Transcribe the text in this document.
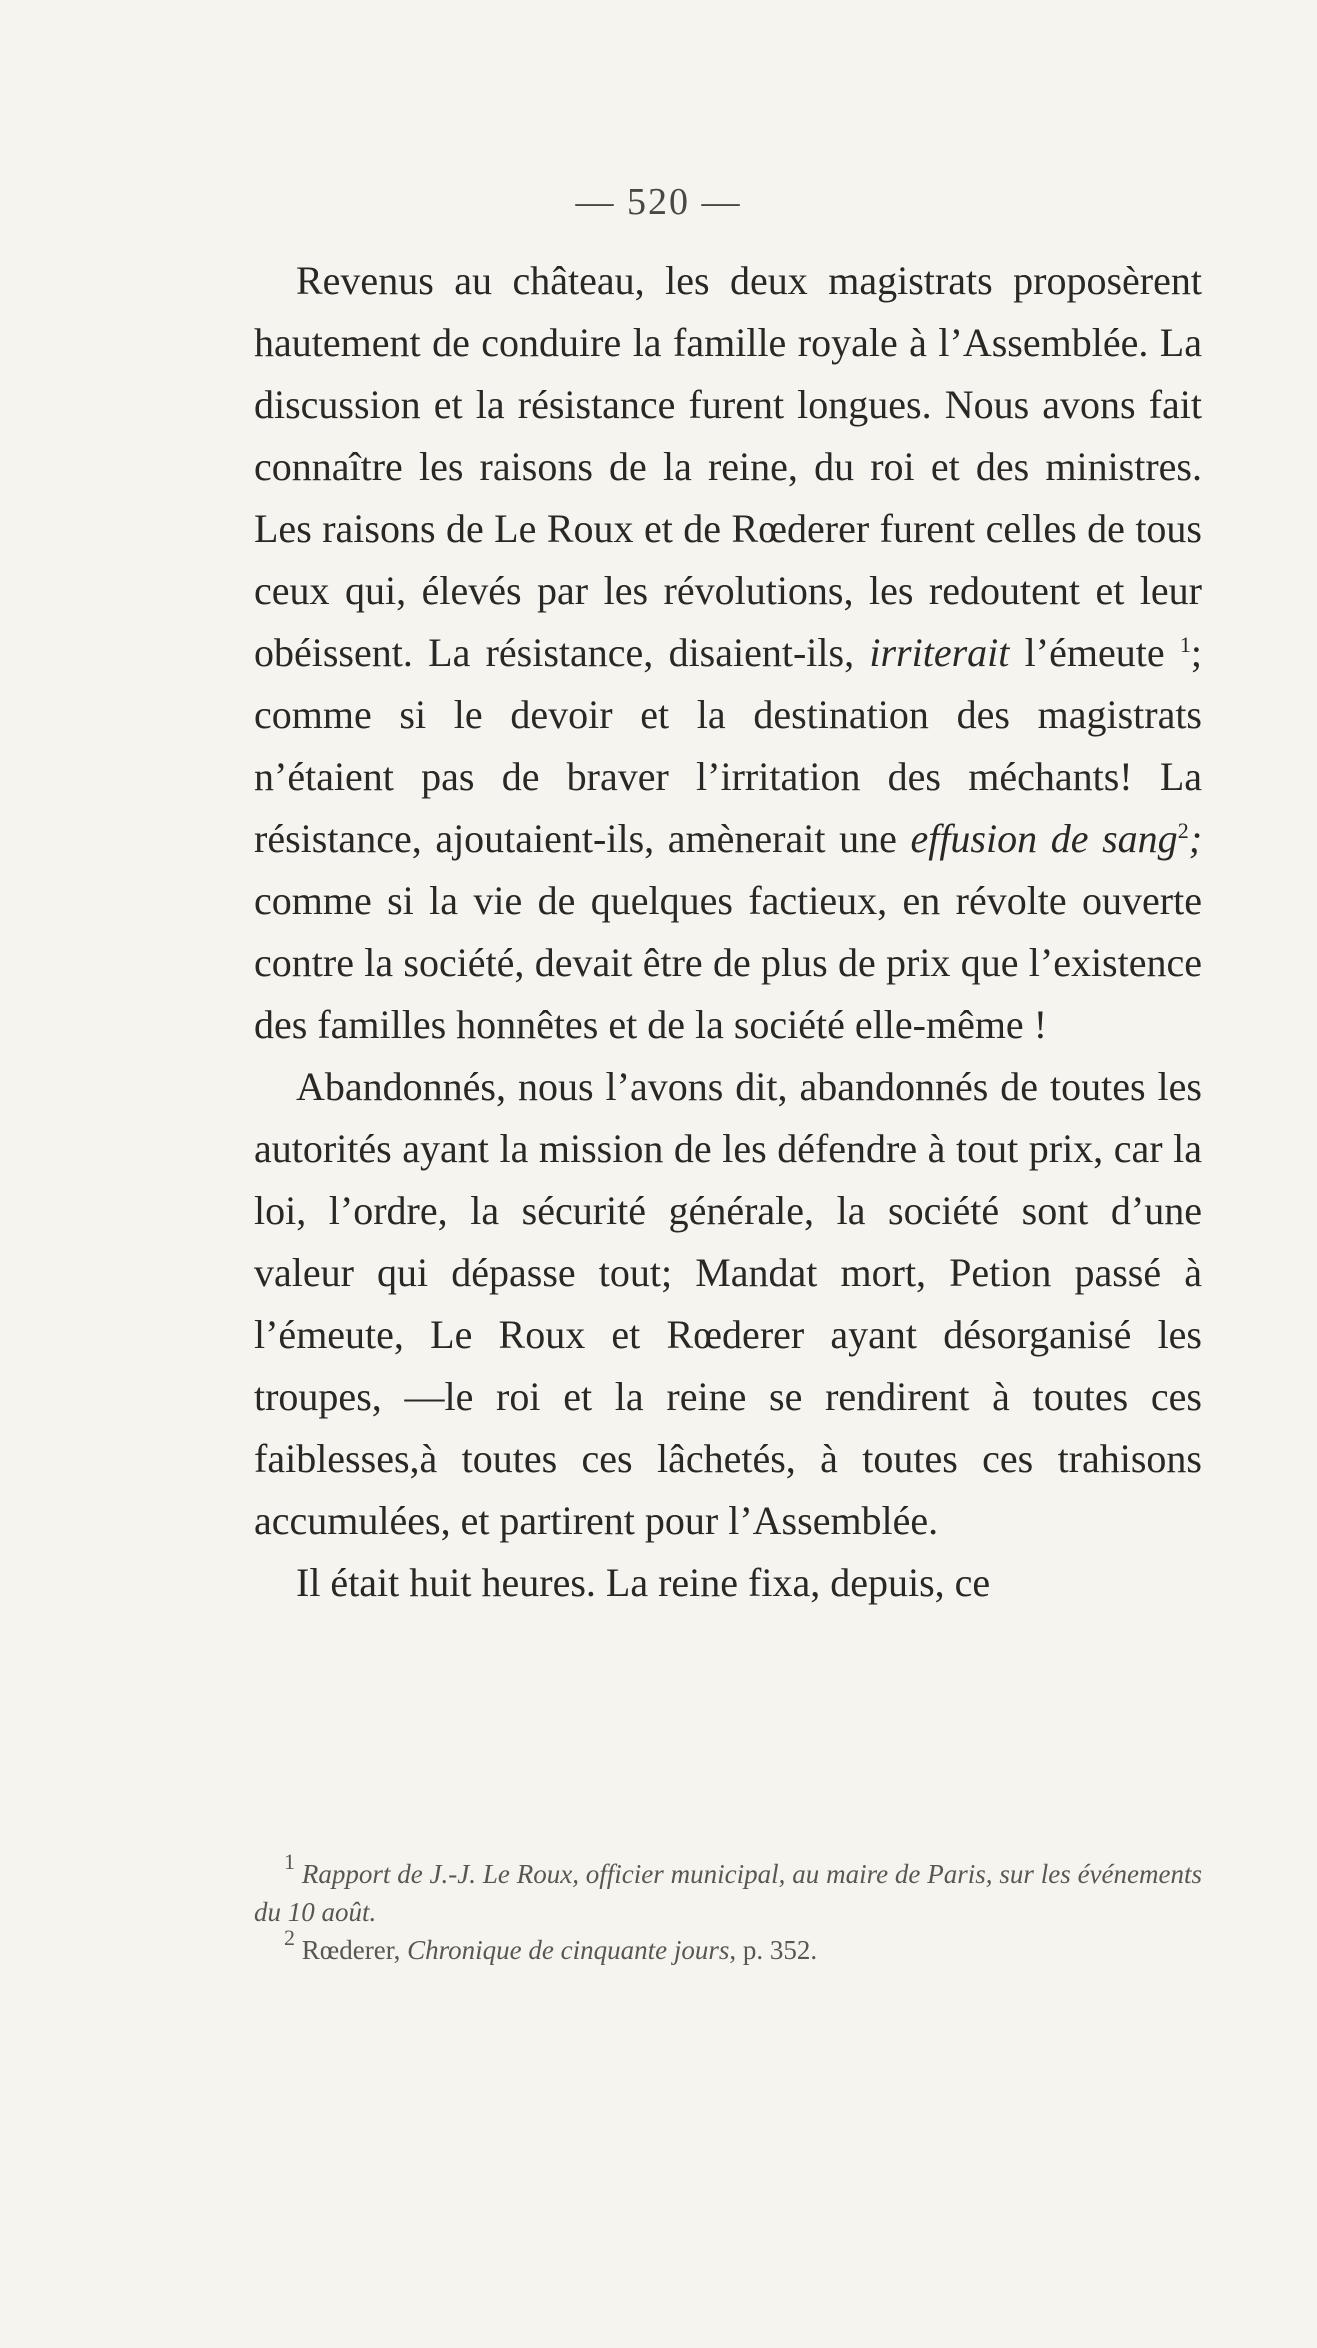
— 520 —

Revenus au château, les deux magistrats proposèrent hautement de conduire la famille royale à l’Assemblée. La discussion et la résistance furent longues. Nous avons fait connaître les raisons de la reine, du roi et des ministres. Les raisons de Le Roux et de Rœderer furent celles de tous ceux qui, élevés par les révolutions, les redoutent et leur obéissent. La résistance, disaient-ils, irriterait l’émeute $^1$; comme si le devoir et la destination des magistrats n’étaient pas de braver l’irritation des méchants! La résistance, ajoutaient-ils, amènerait une effusion de sang$^2$; comme si la vie de quelques factieux, en révolte ouverte contre la société, devait être de plus de prix que l’existence des familles honnêtes et de la société elle-même !

Abandonnés, nous l’avons dit, abandonnés de toutes les autorités ayant la mission de les défendre à tout prix, car la loi, l’ordre, la sécurité générale, la société sont d’une valeur qui dépasse tout; Mandat mort, Petion passé à l’émeute, Le Roux et Rœderer ayant désorganisé les troupes, —le roi et la reine se rendirent à toutes ces faiblesses,à toutes ces lâchetés, à toutes ces trahisons accumulées, et partirent pour l’Assemblée.

Il était huit heures. La reine fixa, depuis, ce

$^1$ Rapport de J.-J. Le Roux, officier municipal, au maire de Paris, sur les événements du 10 août.

$^2$ Rœderer, Chronique de cinquante jours, p. 352.
